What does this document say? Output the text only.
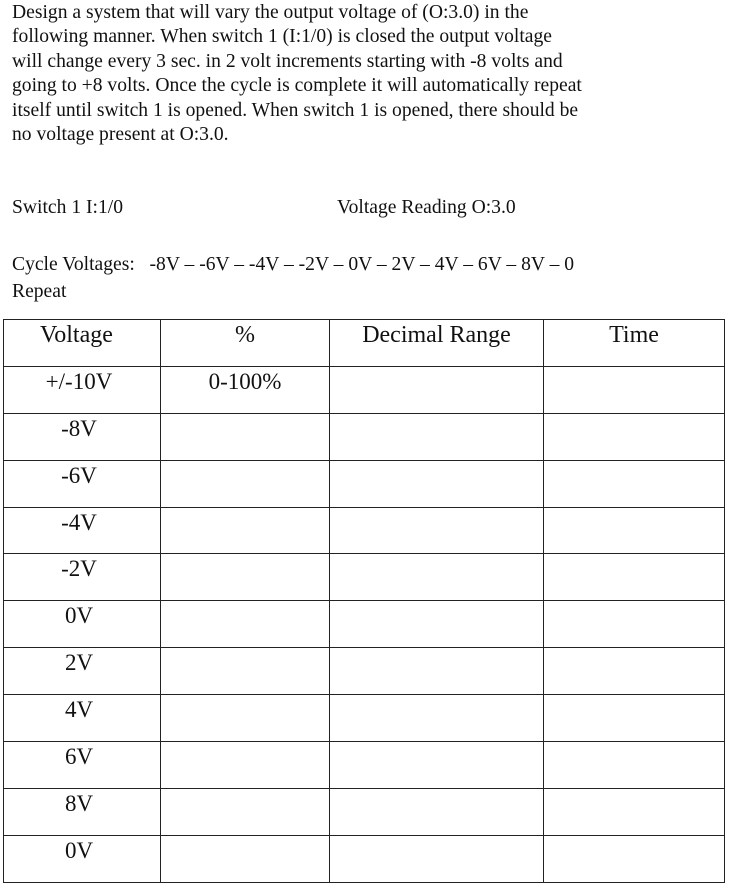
Design a system that will vary the output voltage of (O:3.0) in the
following manner. When switch 1 (I:1/0) is closed the output voltage
will change every 3 sec. in 2 volt increments starting with -8 volts and
going to +8 volts. Once the cycle is complete it will automatically repeat
itself until switch 1 is opened. When switch 1 is opened, there should be
no voltage present at O:3.0.
Switch 1 I:1/0	Voltage Reading O:3.0
Cycle Voltages:   -8V – -6V – -4V – -2V – 0V – 2V – 4V – 6V – 8V – 0
Repeat
Voltage	%	Decimal Range	Time
+/-10V	0-100%		
-8V			
-6V			
-4V			
-2V			
0V			
2V			
4V			
6V			
8V			
0V			
